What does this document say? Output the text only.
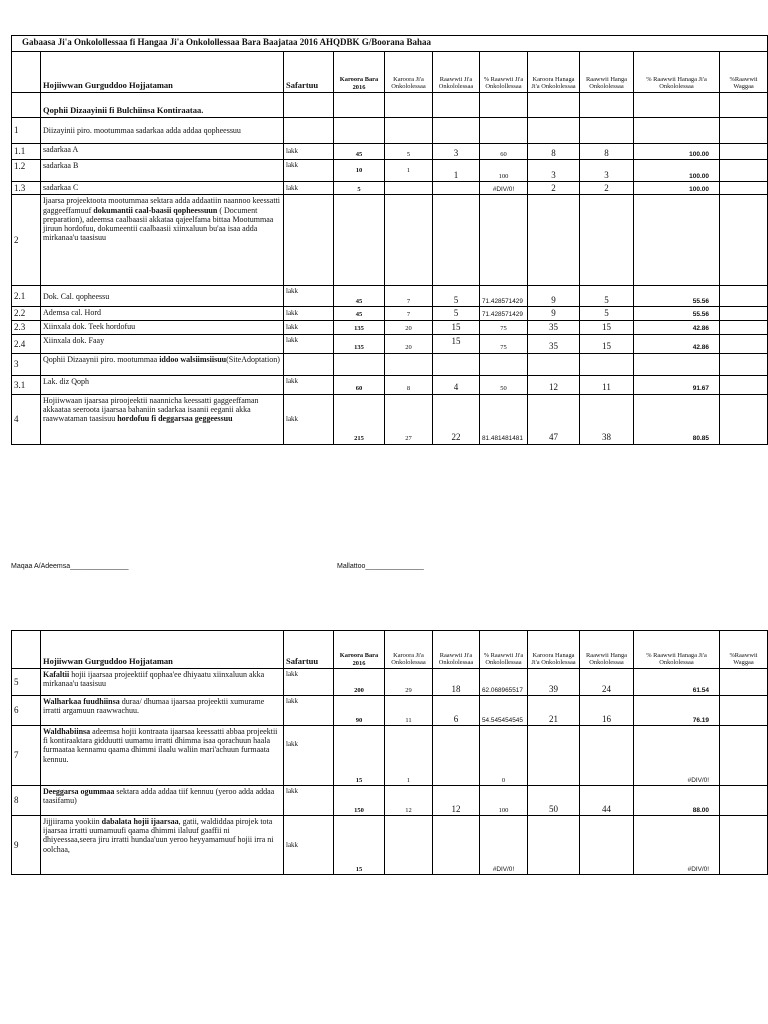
Gabaasa Ji'a Onkolollessaa fi Hangaa Ji'a Onkolollessaa Bara Baajataa 2016 AHQDBK G/Boorana Bahaa										
	Hojiiwwan Gurguddoo Hojjataman	Safartuu	Karoora Bara 2016	Karoora Ji'a Onkololessaa	Raawwii Ji'a Onkololessaa	% Raawwii Ji'a Onkolollessaa	Karoora Hanaga Ji'a Onkololessaa	Raawwii Hanga Onkololessaa	% Raawwii Hanaga Ji'a Onkololessaa	%Raawwii Waggaa
	Qophii Dizaayinii fi Bulchiinsa Kontiraataa.									
1	Diizayinii piro. mootummaa sadarkaa adda addaa qopheessuu									
1.1	sadarkaa A	lakk	45	5	3	60	8	8	100.00	
1.2	sadarkaa B	lakk	10	1	1	100	3	3	100.00	
1.3	sadarkaa C	lakk	5			#DIV/0!	2	2	100.00	
2	Ijaarsa projeektoota mootummaa sektara adda addaatiin naannoo keessatti gaggeeffamuuf dokumantii caal-baasii qopheessuun ( Document preparation), adeemsa caalbaasii akkataa qajeelfama bittaa Mootummaa jiruun hordofuu, dokumeentii caalbaasii xiinxaluun bu'aa isaa adda mirkanaa'u taasisuu									
2.1	Dok. Cal. qopheessu	lakk	45	7	5	71.428571429	9	5	55.56	
2.2	Ademsa cal. Hord	lakk	45	7	5	71.428571429	9	5	55.56	
2.3	Xiinxala dok. Teek hordofuu	lakk	135	20	15	75	35	15	42.86	
2.4	Xiinxala dok. Faay	lakk	135	20	15	75	35	15	42.86	
3	Qophii Dizaaynii piro. mootummaa iddoo walsiimsiisuu(SiteAdoptation)									
3.1	Lak. diz Qoph	lakk	60	8	4	50	12	11	91.67	
4	Hojiiwwaan ijaarsaa piroojeektii naannicha keessatti gaggeeffaman akkaataa seeroota ijaarsaa bahaniin sadarkaa isaanii eeganii akka raawwataman taasisuu hordofuu fi deggarsaa geggeessuu	lakk	215	27	22	81.481481481	47	38	80.85	
Maqaa A/Adeemsa_______________	Mallattoo_______________
	Hojiiwwan Gurguddoo Hojjataman	Safartuu	Karoora Bara 2016	Karoora Ji'a Onkololessaa	Raawwii Ji'a Onkololessaa	% Raawwii Ji'a Onkolollessaa	Karoora Hanaga Ji'a Onkololessaa	Raawwii Hanga Onkololessaa	% Raawwii Hanaga Ji'a Onkololessaa	%Raawwii Waggaa
5	Kafaltii hojii ijaarsaa projeektiif qophaa'ee dhiyaatu xiinxaluun akka mirkanaa'u taasisuu	lakk	200	29	18	62.068965517	39	24	61.54	
6	Walharkaa fuudhiinsa duraa/ dhumaa ijaarsaa projeektii xumurame irratti argamuun raawwachuu.	lakk	90	11	6	54.545454545	21	16	76.19	
7	Waldhabiinsa adeemsa hojii kontraata ijaarsaa keessatti abbaa projeektii fi kontiraaktara gidduutti uumamu irratti dhimma isaa qorachuun haala furmaataa kennamu qaama dhimmi ilaalu waliin mari'achuun furmaata kennuu.	lakk	15	1		0			#DIV/0!	
8	Deeggarsa ogummaa sektara adda addaa tiif kennuu (yeroo adda addaa taasifamu)	lakk	150	12	12	100	50	44	88.00	
9	Jijjiirama yookiin dabalata hojii ijaarsaa, gatii, waldiddaa pirojek tota ijaarsaa irratti uumamuufi qaama dhimmi ilaluuf gaaffii ni dhiyeessaa,seera jiru irratti hundaa'uun yeroo heyyamamuuf hojii irra ni oolchaa,	lakk	15			#DIV/0!			#DIV/0!	
